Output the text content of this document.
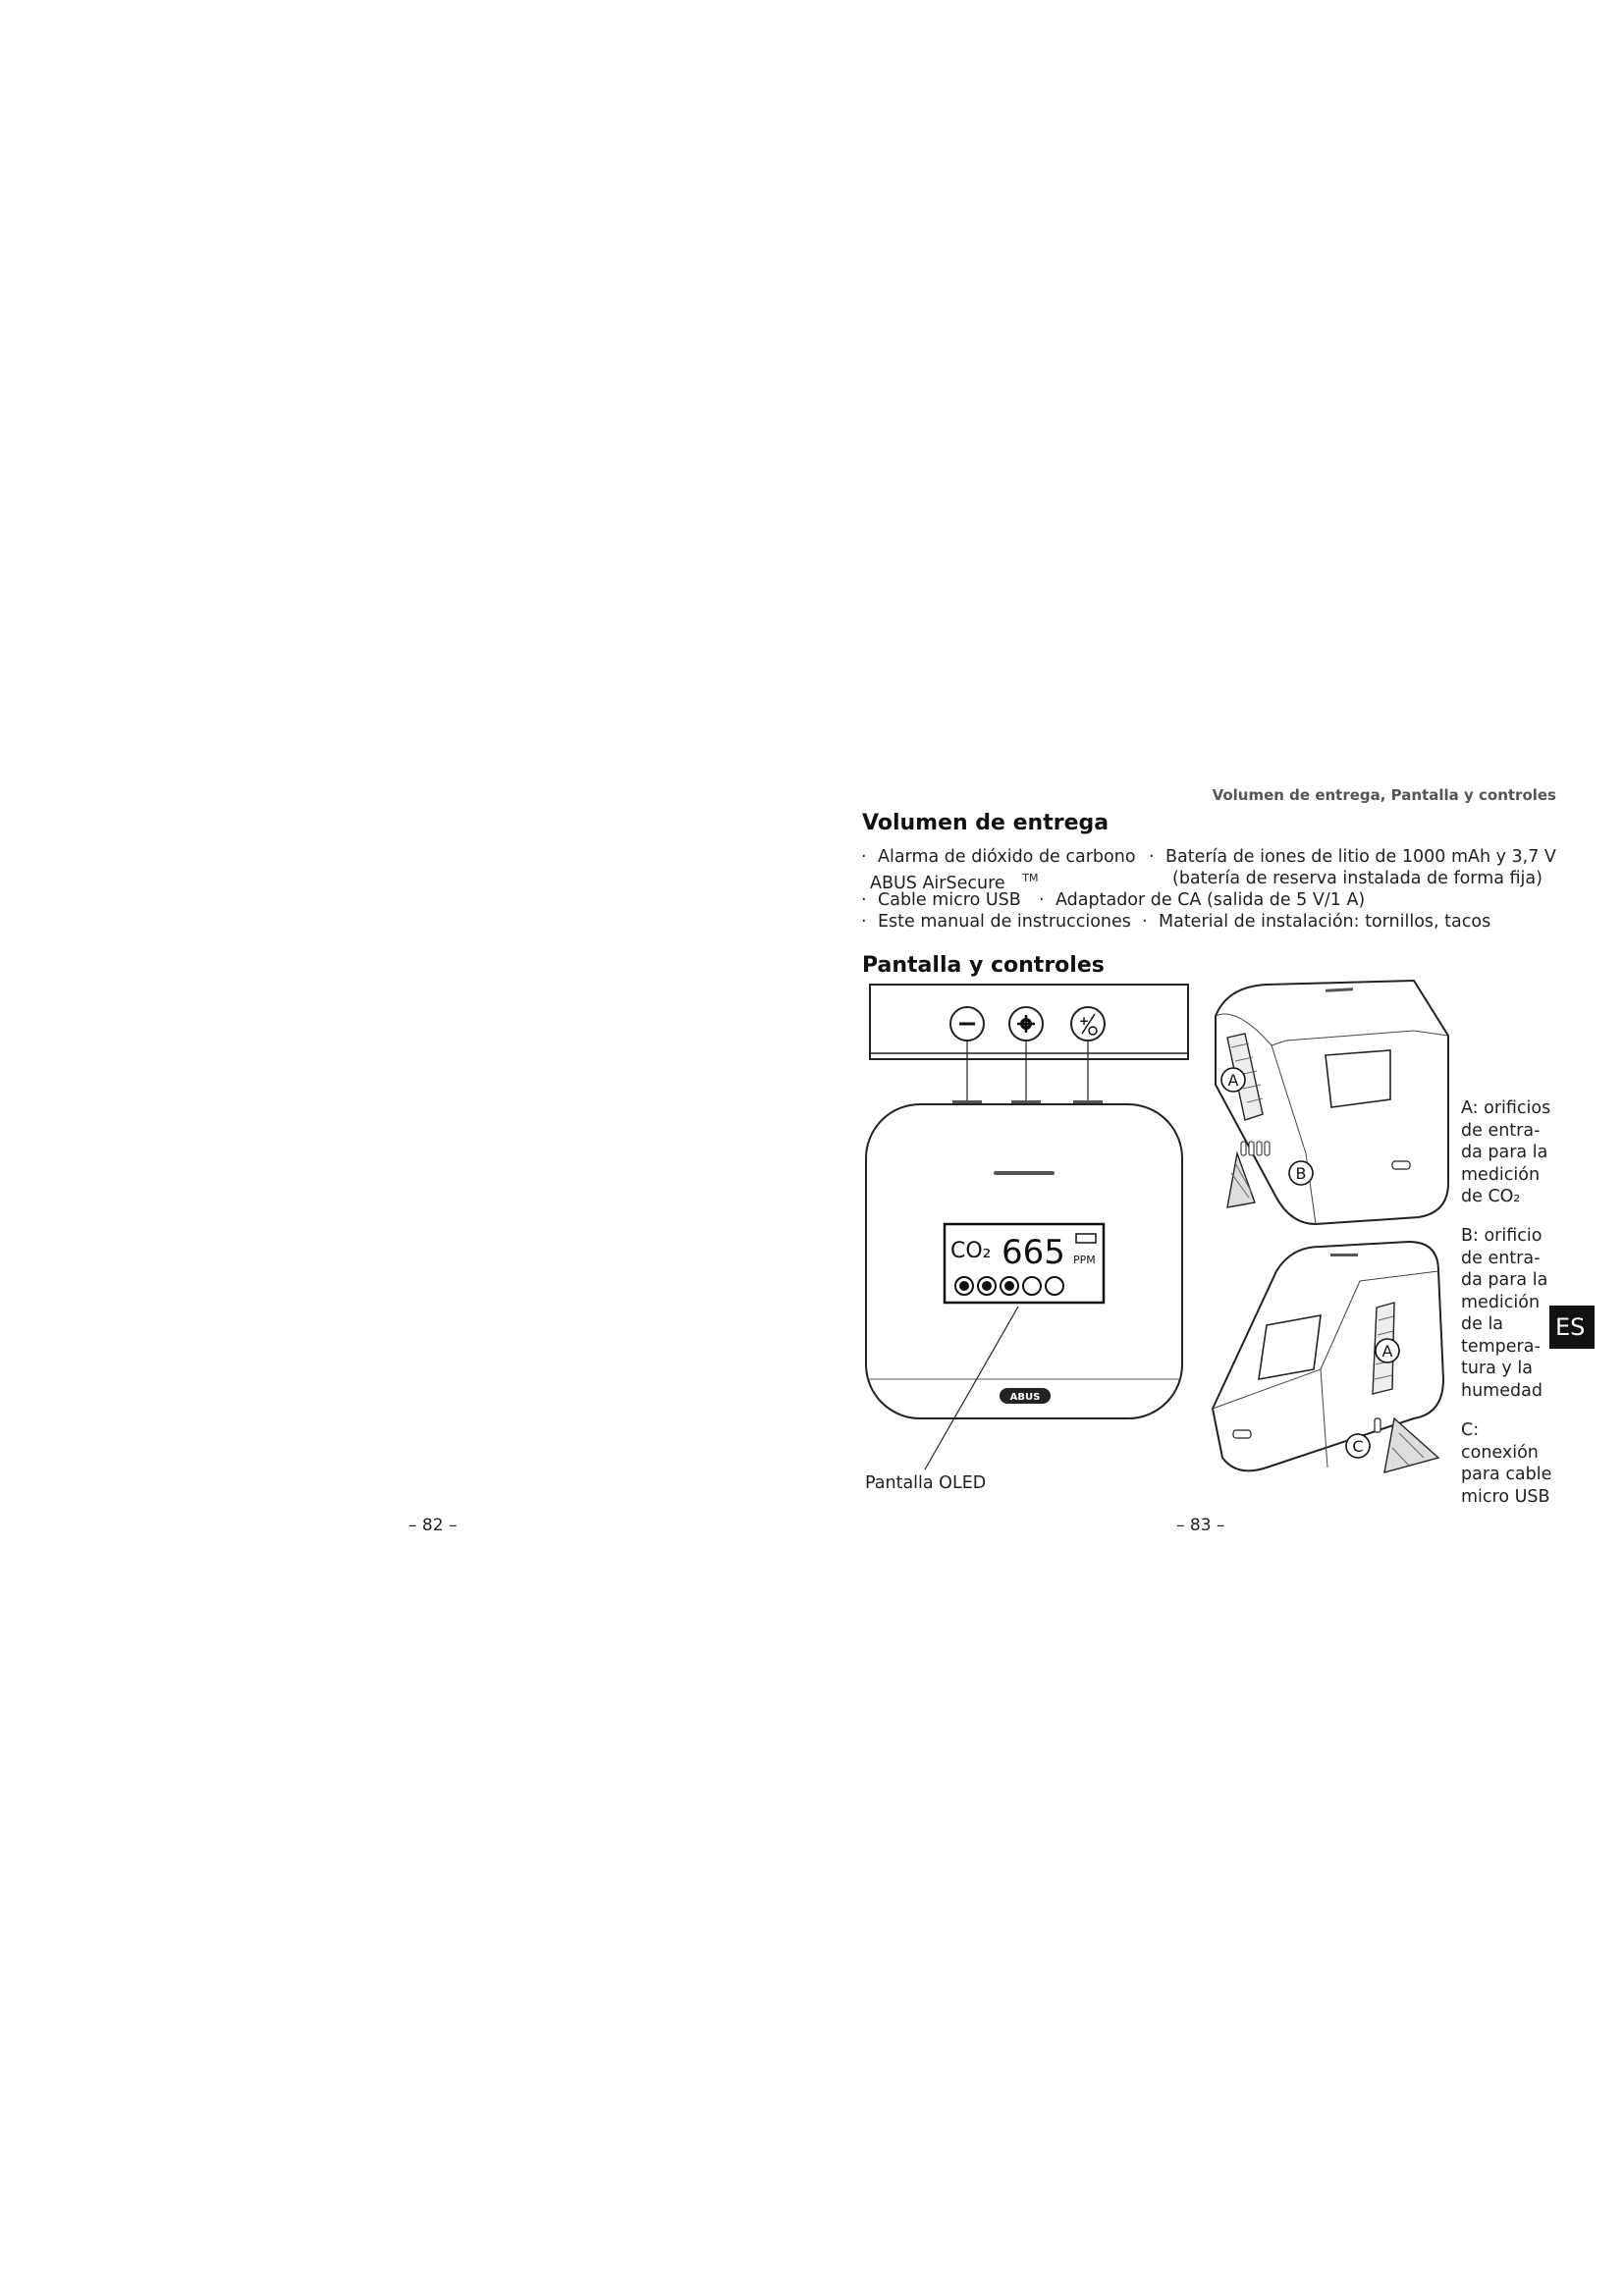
Volumen de entrega, Pantalla y controles
Volumen de entrega
· Alarma de dióxido de carbono · Batería de iones de litio de 1000 mAh y 3,7 V
ABUS AirSecure ™	(batería de reserva instalada de forma fija)
· Cable micro USB · Adaptador de CA (salida de 5 V/1 A)
· Este manual de instrucciones · Material de instalación: tornillos, tacos
Pantalla y controles
+
CO₂ 665 PPM
ABUS
Pantalla OLED
A
B
A
C
A: orificios
de entra-
da para la
medición
de CO₂
B: orificio
de entra-
da para la
medición
de la
tempera-
tura y la
humedad
C:
conexión
para cable
micro USB
ES
– 82 –	– 83 –
